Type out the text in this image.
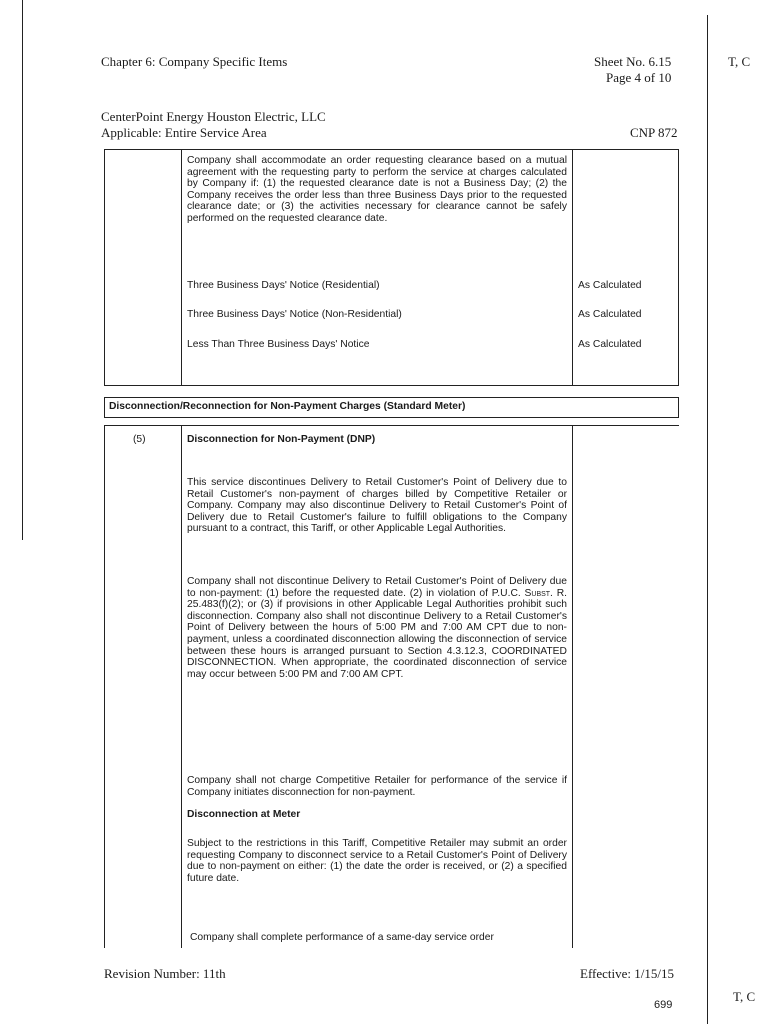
Chapter 6: Company Specific Items	Sheet No. 6.15
Page 4 of 10
T, C
CenterPoint Energy Houston Electric, LLC
Applicable: Entire Service Area	CNP 872
Company shall accommodate an order requesting clearance based on a mutual agreement with the requesting party to perform the service at charges calculated by Company if: (1) the requested clearance date is not a Business Day; (2) the Company receives the order less than three Business Days prior to the requested clearance date; or (3) the activities necessary for clearance cannot be safely performed on the requested clearance date.
Three Business Days' Notice (Residential)	As Calculated
Three Business Days' Notice (Non-Residential)	As Calculated
Less Than Three Business Days' Notice	As Calculated
Disconnection/Reconnection for Non-Payment Charges (Standard Meter)
(5)	Disconnection for Non-Payment (DNP)
This service discontinues Delivery to Retail Customer's Point of Delivery due to Retail Customer's non-payment of charges billed by Competitive Retailer or Company. Company may also discontinue Delivery to Retail Customer's Point of Delivery due to Retail Customer's failure to fulfill obligations to the Company pursuant to a contract, this Tariff, or other Applicable Legal Authorities.
Company shall not discontinue Delivery to Retail Customer's Point of Delivery due to non-payment: (1) before the requested date. (2) in violation of P.U.C. Subst. R. 25.483(f)(2); or (3) if provisions in other Applicable Legal Authorities prohibit such disconnection. Company also shall not discontinue Delivery to a Retail Customer's Point of Delivery between the hours of 5:00 PM and 7:00 AM CPT due to non-payment, unless a coordinated disconnection allowing the disconnection of service between these hours is arranged pursuant to Section 4.3.12.3, COORDINATED DISCONNECTION. When appropriate, the coordinated disconnection of service may occur between 5:00 PM and 7:00 AM CPT.
Company shall not charge Competitive Retailer for performance of the service if Company initiates disconnection for non-payment.
Disconnection at Meter
Subject to the restrictions in this Tariff, Competitive Retailer may submit an order requesting Company to disconnect service to a Retail Customer's Point of Delivery due to non-payment on either: (1) the date the order is received, or (2) a specified future date.
Company shall complete performance of a same-day service order
Revision Number: 11th	Effective: 1/15/15
T, C
699
